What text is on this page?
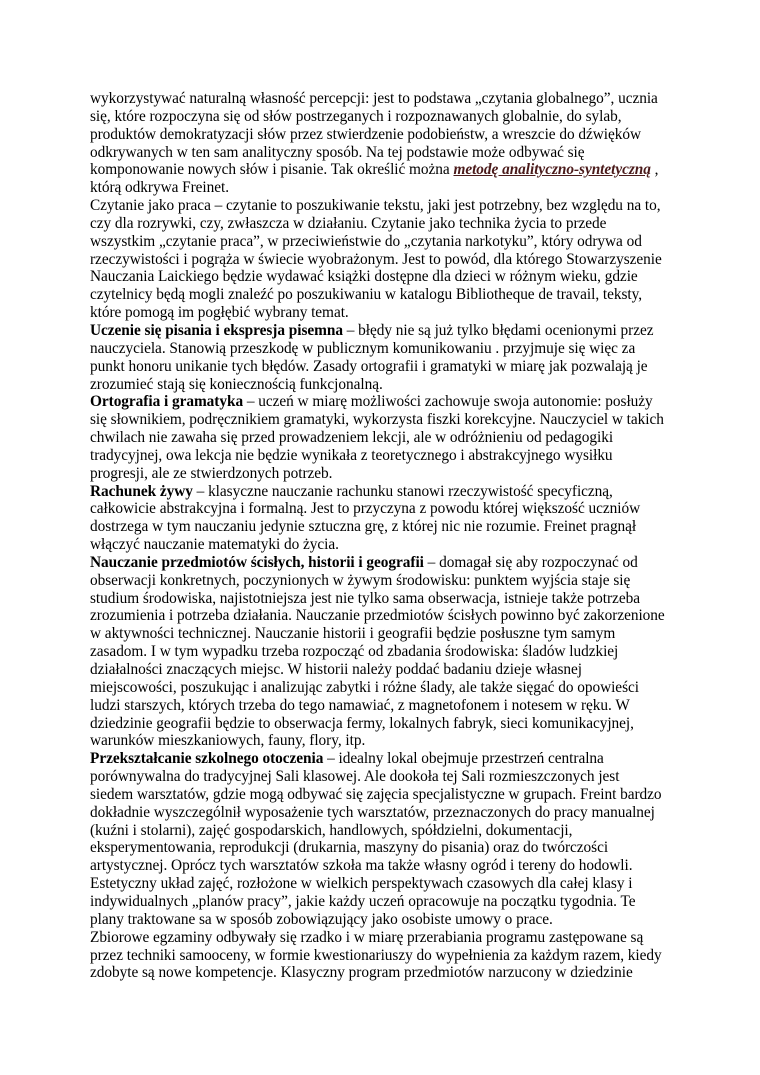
wykorzystywać naturalną własność percepcji: jest to podstawa „czytania globalnego”, ucznia
się, które rozpoczyna się od słów postrzeganych i rozpoznawanych globalnie, do sylab,
produktów demokratyzacji słów przez stwierdzenie podobieństw, a wreszcie do dźwięków
odkrywanych w ten sam analityczny sposób. Na tej podstawie może odbywać się
komponowanie nowych słów i pisanie. Tak określić można metodę analityczno-syntetyczną ,
którą odkrywa Freinet.
Czytanie jako praca – czytanie to poszukiwanie tekstu, jaki jest potrzebny, bez względu na to,
czy dla rozrywki, czy, zwłaszcza w działaniu. Czytanie jako technika życia to przede
wszystkim „czytanie praca”, w przeciwieństwie do „czytania narkotyku”, który odrywa od
rzeczywistości i pogrąża w świecie wyobrażonym. Jest to powód, dla którego Stowarzyszenie
Nauczania Laickiego będzie wydawać książki dostępne dla dzieci w różnym wieku, gdzie
czytelnicy będą mogli znaleźć po poszukiwaniu w katalogu Bibliotheque de travail, teksty,
które pomogą im pogłębić wybrany temat.
Uczenie się pisania i ekspresja pisemna – błędy nie są już tylko błędami ocenionymi przez
nauczyciela. Stanowią przeszkodę w publicznym komunikowaniu . przyjmuje się więc za
punkt honoru unikanie tych błędów. Zasady ortografii i gramatyki w miarę jak pozwalają je
zrozumieć stają się koniecznością funkcjonalną.
Ortografia i gramatyka – uczeń w miarę możliwości zachowuje swoja autonomie: posłuży
się słownikiem, podręcznikiem gramatyki, wykorzysta fiszki korekcyjne. Nauczyciel w takich
chwilach nie zawaha się przed prowadzeniem lekcji, ale w odróżnieniu od pedagogiki
tradycyjnej, owa lekcja nie będzie wynikała z teoretycznego i abstrakcyjnego wysiłku
progresji, ale ze stwierdzonych potrzeb.
Rachunek żywy – klasyczne nauczanie rachunku stanowi rzeczywistość specyficzną,
całkowicie abstrakcyjna i formalną. Jest to przyczyna z powodu której większość uczniów
dostrzega w tym nauczaniu jedynie sztuczna grę, z której nic nie rozumie. Freinet pragnął
włączyć nauczanie matematyki do życia.
Nauczanie przedmiotów ścisłych, historii i geografii – domagał się aby rozpoczynać od
obserwacji konkretnych, poczynionych w żywym środowisku: punktem wyjścia staje się
studium środowiska, najistotniejsza jest nie tylko sama obserwacja, istnieje także potrzeba
zrozumienia i potrzeba działania. Nauczanie przedmiotów ścisłych powinno być zakorzenione
w aktywności technicznej. Nauczanie historii i geografii będzie posłuszne tym samym
zasadom. I w tym wypadku trzeba rozpocząć od zbadania środowiska: śladów ludzkiej
działalności znaczących miejsc. W historii należy poddać badaniu dzieje własnej
miejscowości, poszukując i analizując zabytki i różne ślady, ale także sięgać do opowieści
ludzi starszych, których trzeba do tego namawiać, z magnetofonem i notesem w ręku. W
dziedzinie geografii będzie to obserwacja fermy, lokalnych fabryk, sieci komunikacyjnej,
warunków mieszkaniowych, fauny, flory, itp.
Przekształcanie szkolnego otoczenia – idealny lokal obejmuje przestrzeń centralna
porównywalna do tradycyjnej Sali klasowej. Ale dookoła tej Sali rozmieszczonych jest
siedem warsztatów, gdzie mogą odbywać się zajęcia specjalistyczne w grupach. Freint bardzo
dokładnie wyszczególnił wyposażenie tych warsztatów, przeznaczonych do pracy manualnej
(kuźni i stolarni), zajęć gospodarskich, handlowych, spółdzielni, dokumentacji,
eksperymentowania, reprodukcji (drukarnia, maszyny do pisania) oraz do twórczości
artystycznej. Oprócz tych warsztatów szkoła ma także własny ogród i tereny do hodowli.
Estetyczny układ zajęć, rozłożone w wielkich perspektywach czasowych dla całej klasy i
indywidualnych „planów pracy”, jakie każdy uczeń opracowuje na początku tygodnia. Te
plany traktowane sa w sposób zobowiązujący jako osobiste umowy o prace.
Zbiorowe egzaminy odbywały się rzadko i w miarę przerabiania programu zastępowane są
przez techniki samooceny, w formie kwestionariuszy do wypełnienia za każdym razem, kiedy
zdobyte są nowe kompetencje. Klasyczny program przedmiotów narzucony w dziedzinie
